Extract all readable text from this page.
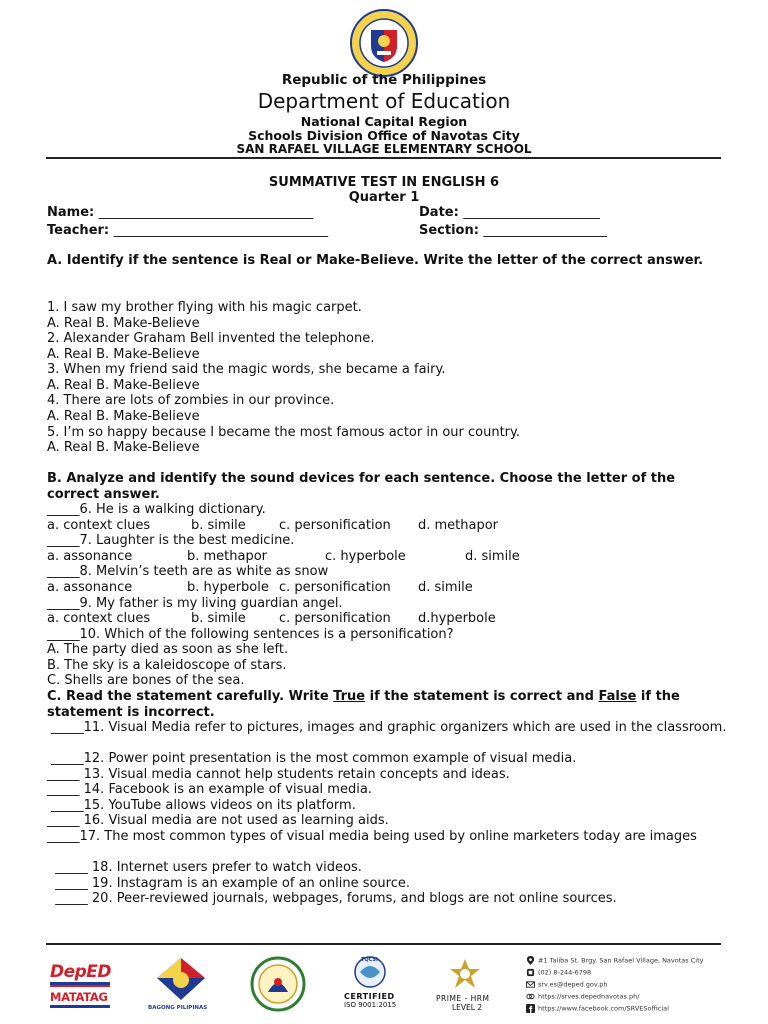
Republic of the Philippines
Department of Education
National Capital Region
Schools Division Office of Navotas City
SAN RAFAEL VILLAGE ELEMENTARY SCHOOL
SUMMATIVE TEST IN ENGLISH 6
Quarter 1
Name: _________________________________	Date: _____________________
Teacher: _________________________________	Section: ___________________
A. Identify if the sentence is Real or Make-Believe. Write the letter of the correct answer.
1. I saw my brother flying with his magic carpet.
A. Real B. Make-Believe
2. Alexander Graham Bell invented the telephone.
A. Real B. Make-Believe
3. When my friend said the magic words, she became a fairy.
A. Real B. Make-Believe
4. There are lots of zombies in our province.
A. Real B. Make-Believe
5. I’m so happy because I became the most famous actor in our country.
A. Real B. Make-Believe
B. Analyze and identify the sound devices for each sentence. Choose the letter of the correct answer.
_____6. He is a walking dictionary.
a. context clues	b. simile	c. personification d. methapor
_____7. Laughter is the best medicine.
a. assonance	b. methapor	c. hyperbole	d. simile
_____8. Melvin’s teeth are as white as snow
a. assonance	b. hyperbole c. personification d. simile
_____9. My father is my living guardian angel.
a. context clues	b. simile	c. personification d.hyperbole
_____10. Which of the following sentences is a personification?
A. The party died as soon as she left.
B. The sky is a kaleidoscope of stars.
C. Shells are bones of the sea.
C. Read the statement carefully. Write True if the statement is correct and False if the statement is incorrect.
_____11. Visual Media refer to pictures, images and graphic organizers which are used in the classroom.
_____12. Power point presentation is the most common example of visual media.
_____ 13. Visual media cannot help students retain concepts and ideas.
_____ 14. Facebook is an example of visual media.
_____15. YouTube allows videos on its platform.
_____ 16. Visual media are not used as learning aids.
_____17. The most common types of visual media being used by online marketers today are images
_____ 18. Internet users prefer to watch videos.
_____ 19. Instagram is an example of an online source.
_____ 20. Peer-reviewed journals, webpages, forums, and blogs are not online sources.
DepED
MATATAG
BAGONG PILIPINAS
TQCSI
CERTIFIED
ISO 9001:2015
PRIME - HRM
LEVEL 2
#1 Taliba St. Brgy. San Rafael Village, Navotas City
(02) 8-244-6798
srv.es@deped.gov.ph
https://srves.depednavotas.ph/
https://www.facebook.com/SRVESofficial
